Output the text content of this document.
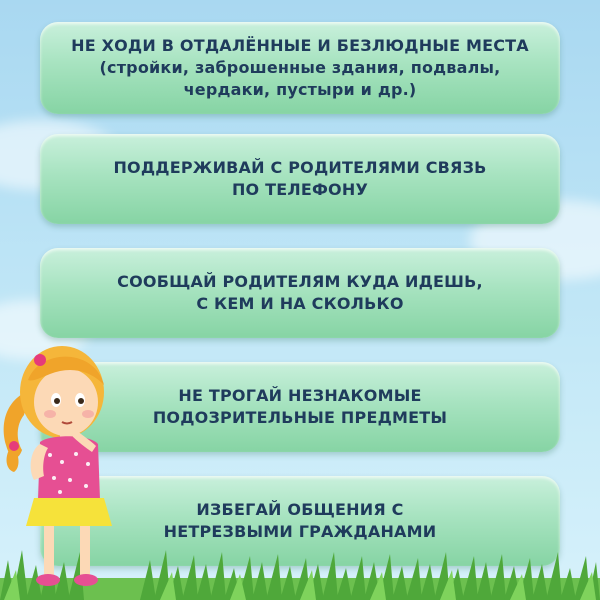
НЕ ХОДИ В ОТДАЛЁННЫЕ И БЕЗЛЮДНЫЕ МЕСТА
(стройки, заброшенные здания, подвалы,
чердаки, пустыри и др.)
ПОДДЕРЖИВАЙ С РОДИТЕЛЯМИ СВЯЗЬ
ПО ТЕЛЕФОНУ
СООБЩАЙ РОДИТЕЛЯМ КУДА ИДЕШЬ,
С КЕМ И НА СКОЛЬКО
НЕ ТРОГАЙ НЕЗНАКОМЫЕ
ПОДОЗРИТЕЛЬНЫЕ ПРЕДМЕТЫ
ИЗБЕГАЙ ОБЩЕНИЯ С
НЕТРЕЗВЫМИ ГРАЖДАНАМИ
